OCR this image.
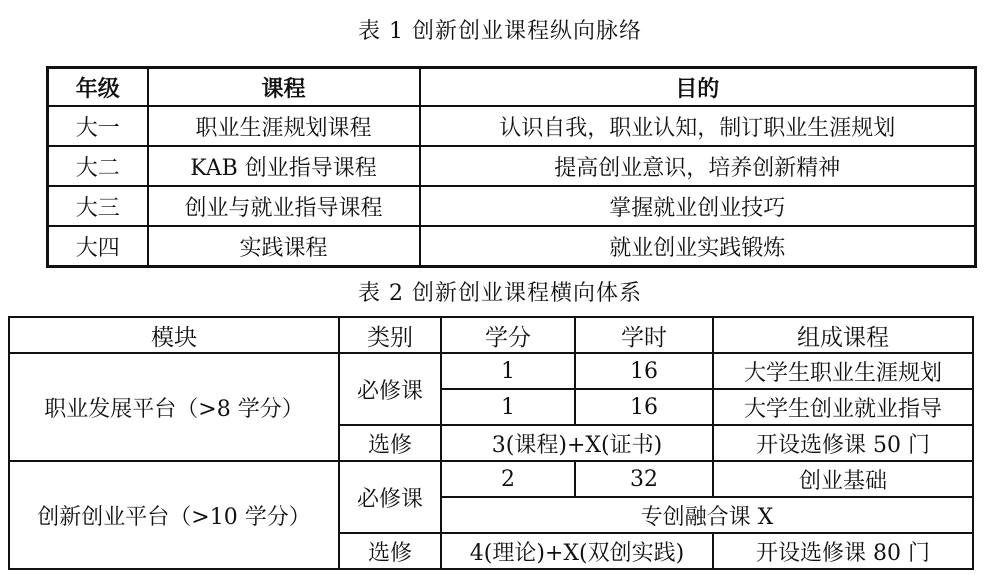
表 1 创新创业课程纵向脉络
年级	课程	目的
大一	职业生涯规划课程	认识自我，职业认知，制订职业生涯规划
大二	KAB 创业指导课程	提高创业意识，培养创新精神
大三	创业与就业指导课程	掌握就业创业技巧
大四	实践课程	就业创业实践锻炼
表 2 创新创业课程横向体系
模块	类别	学分	学时	组成课程
职业发展平台（>8 学分）	必修课	1	16	大学生职业生涯规划
		1	16	大学生创业就业指导
	选修	3(课程)+X(证书)		开设选修课 50 门
创新创业平台（>10 学分）	必修课	2	32	创业基础
		专创融合课 X		
	选修	4(理论)+X(双创实践)		开设选修课 80 门
